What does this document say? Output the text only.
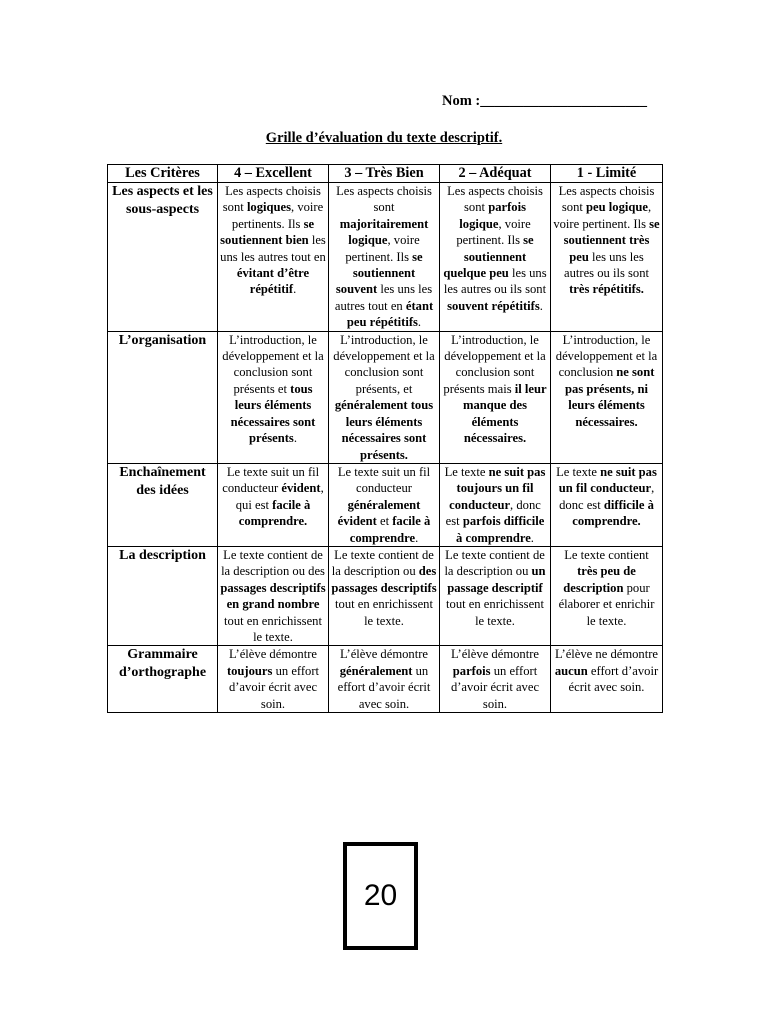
Nom :_______________________
Grille d’évaluation du texte descriptif.
Les Critères	4 – Excellent	3 – Très Bien	2 – Adéquat	1 - Limité
Les aspects et les sous-aspects	Les aspects choisis sont logiques, voire pertinents. Ils se soutiennent bien les uns les autres tout en évitant d’être répétitif.	Les aspects choisis sont majoritairement logique, voire pertinent. Ils se soutiennent souvent les uns les autres tout en étant peu répétitifs.	Les aspects choisis sont parfois logique, voire pertinent. Ils se soutiennent quelque peu les uns les autres ou ils sont souvent répétitifs.	Les aspects choisis sont peu logique, voire pertinent. Ils se soutiennent très peu les uns les autres ou ils sont très répétitifs.
L’organisation	L’introduction, le développement et la conclusion sont présents et tous leurs éléments nécessaires sont présents.	L’introduction, le développement et la conclusion sont présents, et généralement tous leurs éléments nécessaires sont présents.	L’introduction, le développement et la conclusion sont présents mais il leur manque des éléments nécessaires.	L’introduction, le développement et la conclusion ne sont pas présents, ni leurs éléments nécessaires.
Enchaînement des idées	Le texte suit un fil conducteur évident, qui est facile à comprendre.	Le texte suit un fil conducteur généralement évident et facile à comprendre.	Le texte ne suit pas toujours un fil conducteur, donc est parfois difficile à comprendre.	Le texte ne suit pas un fil conducteur, donc est difficile à comprendre.
La description	Le texte contient de la description ou des passages descriptifs en grand nombre tout en enrichissent le texte.	Le texte contient de la description ou des passages descriptifs tout en enrichissent le texte.	Le texte contient de la description ou un passage descriptif tout en enrichissent le texte.	Le texte contient très peu de description pour élaborer et enrichir le texte.
Grammaire d’orthographe	L’élève démontre toujours un effort d’avoir écrit avec soin.	L’élève démontre généralement un effort d’avoir écrit avec soin.	L’élève démontre parfois un effort d’avoir écrit avec soin.	L’élève ne démontre aucun effort d’avoir écrit avec soin.
20
